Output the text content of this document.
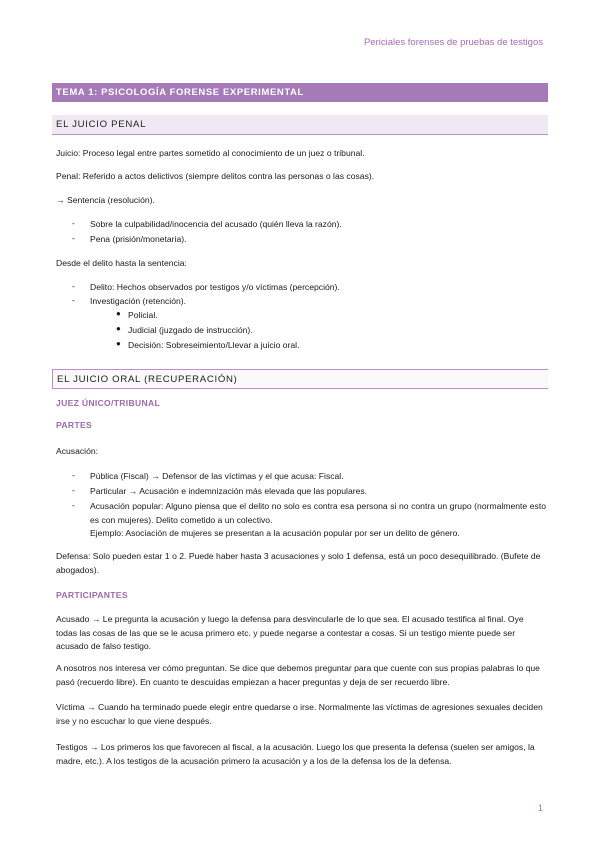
Periciales forenses de pruebas de testigos
TEMA 1: PSICOLOGÍA FORENSE EXPERIMENTAL
EL JUICIO PENAL
Juicio: Proceso legal entre partes sometido al conocimiento de un juez o tribunal.
Penal: Referido a actos delictivos (siempre delitos contra las personas o las cosas).
→ Sentencia (resolución).
- Sobre la culpabilidad/inocencia del acusado (quién lleva la razón).
- Pena (prisión/monetaria).
Desde el delito hasta la sentencia:
- Delito: Hechos observados por testigos y/o víctimas (percepción).
- Investigación (retención).
● Policial.
● Judicial (juzgado de instrucción).
● Decisión: Sobreseimiento/Llevar a juicio oral.
EL JUICIO ORAL (RECUPERACIÓN)
JUEZ ÚNICO/TRIBUNAL
PARTES
Acusación:
- Pública (Fiscal) → Defensor de las víctimas y el que acusa: Fiscal.
- Particular → Acusación e indemnización más elevada que las populares.
- Acusación popular: Alguno piensa que el delito no solo es contra esa persona si no contra un grupo (normalmente esto es con mujeres). Delito cometido a un colectivo.
Ejemplo: Asociación de mujeres se presentan a la acusación popular por ser un delito de género.
Defensa: Solo pueden estar 1 o 2. Puede haber hasta 3 acusaciones y solo 1 defensa, está un poco desequilibrado. (Bufete de abogados).
PARTICIPANTES
Acusado → Le pregunta la acusación y luego la defensa para desvincularle de lo que sea. El acusado testifica al final. Oye todas las cosas de las que se le acusa primero etc. y puede negarse a contestar a cosas. Si un testigo miente puede ser acusado de falso testigo.
A nosotros nos interesa ver cómo preguntan. Se dice que debemos preguntar para que cuente con sus propias palabras lo que pasó (recuerdo libre). En cuanto te descuidas empiezan a hacer preguntas y deja de ser recuerdo libre.
Víctima → Cuando ha terminado puede elegir entre quedarse o irse. Normalmente las víctimas de agresiones sexuales deciden irse y no escuchar lo que viene después.
Testigos → Los primeros los que favorecen al fiscal, a la acusación. Luego los que presenta la defensa (suelen ser amigos, la madre, etc.). A los testigos de la acusación primero la acusación y a los de la defensa los de la defensa.
1
